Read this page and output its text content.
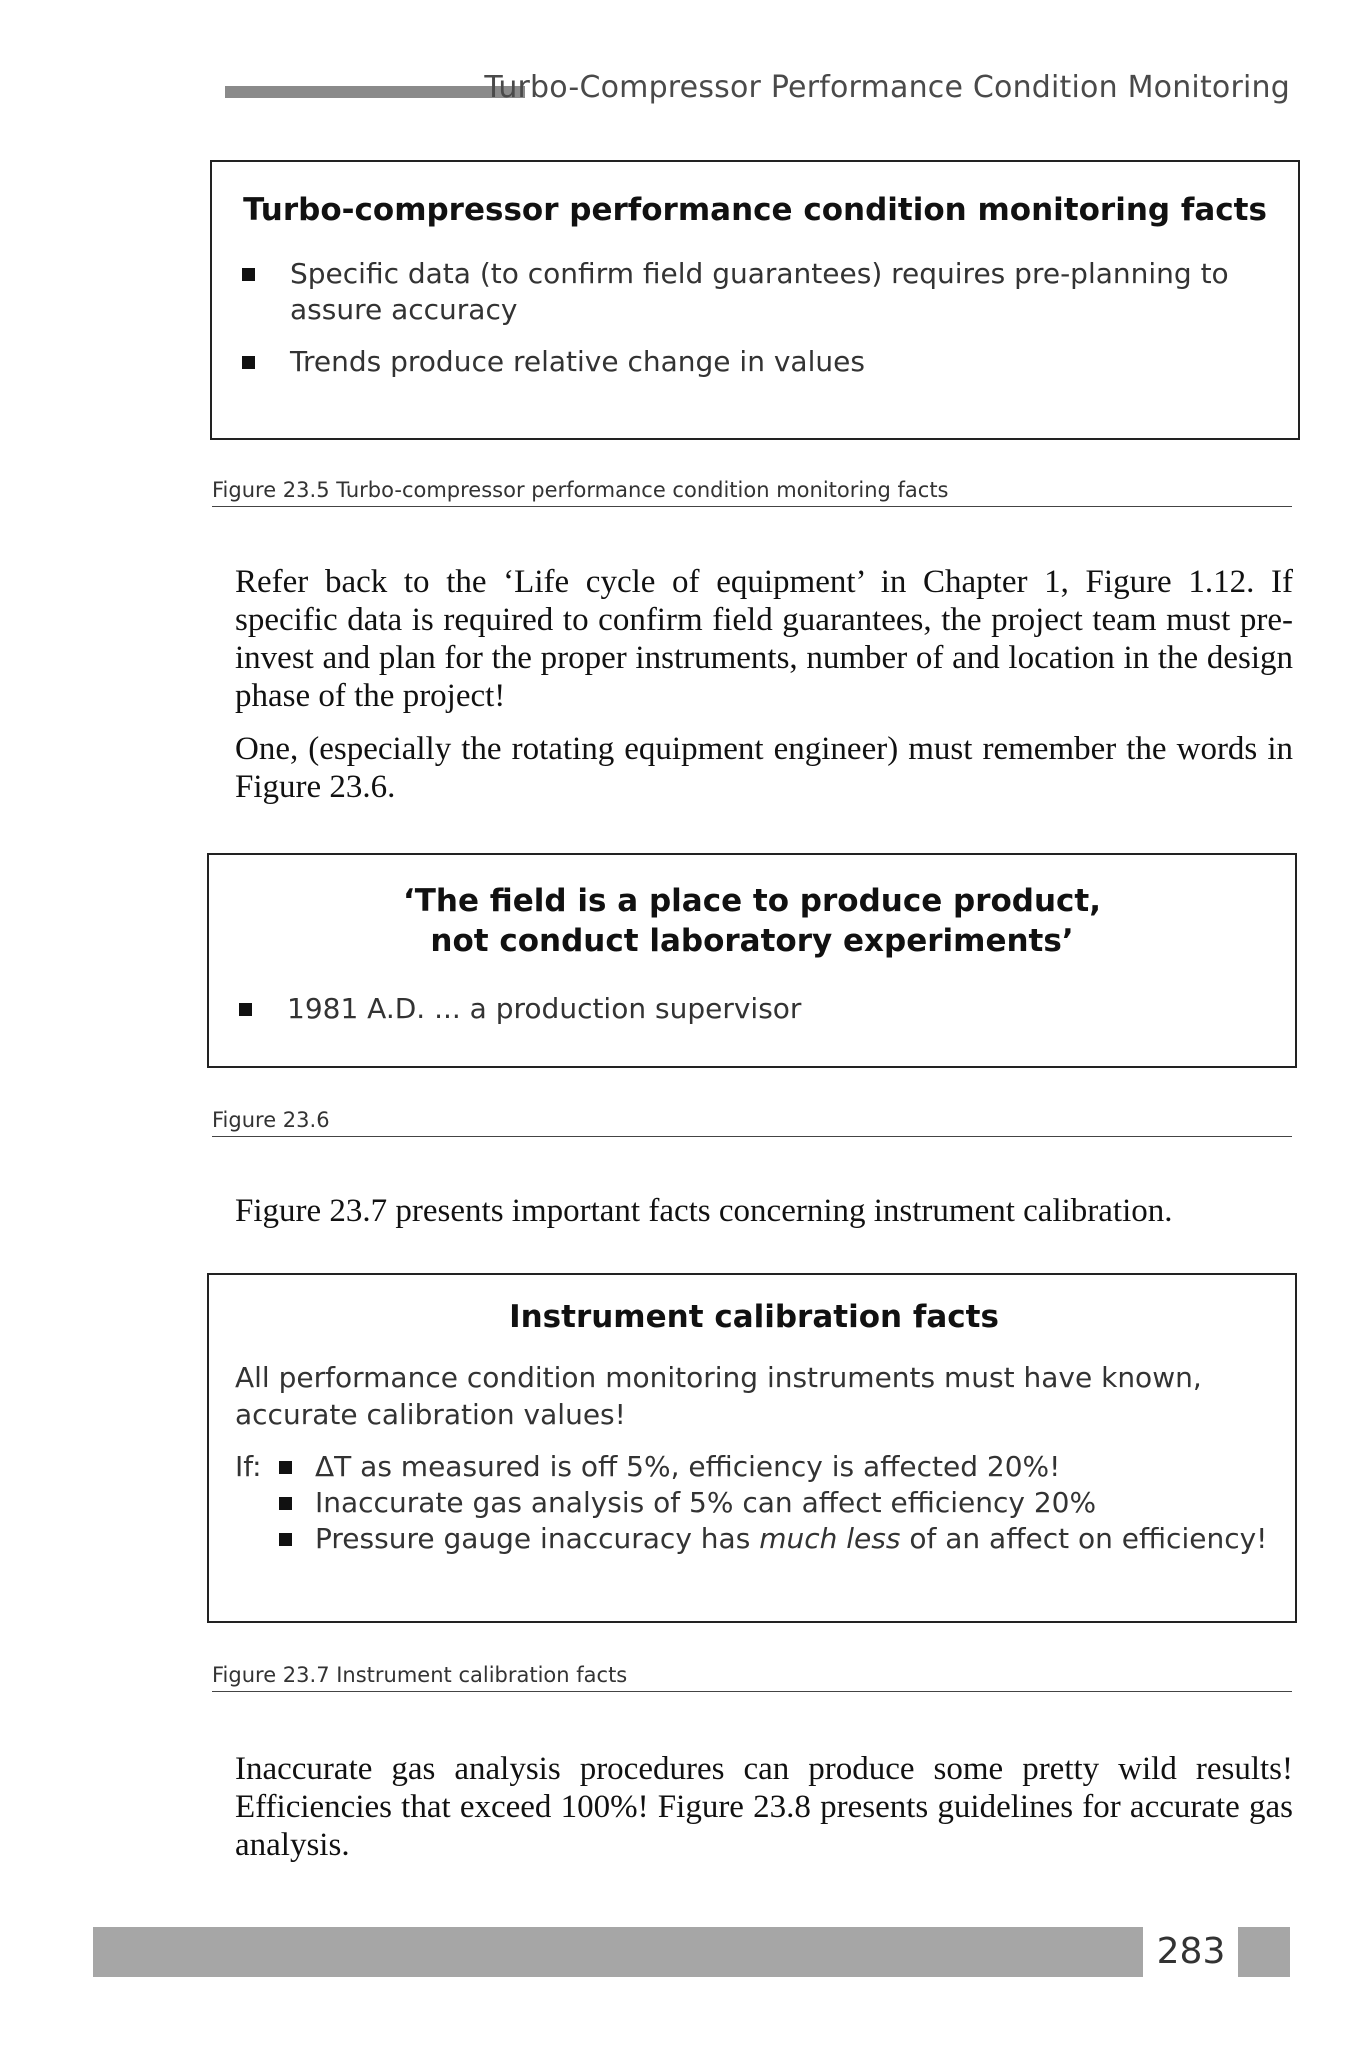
Turbo-Compressor Performance Condition Monitoring
Turbo-compressor performance condition monitoring facts
Specific data (to confirm field guarantees) requires pre-planning to assure accuracy
Trends produce relative change in values
Figure 23.5 Turbo-compressor performance condition monitoring facts

Refer back to the ‘Life cycle of equipment’ in Chapter 1, Figure 1.12. If specific data is required to confirm field guarantees, the project team must pre-invest and plan for the proper instruments, number of and location in the design phase of the project!

One, (especially the rotating equipment engineer) must remember the words in Figure 23.6.

‘The field is a place to produce product,
not conduct laboratory experiments’
1981 A.D. ... a production supervisor
Figure 23.6

Figure 23.7 presents important facts concerning instrument calibration.

Instrument calibration facts
All performance condition monitoring instruments must have known, accurate calibration values!
If:	ΔT as measured is off 5%, efficiency is affected 20%!
Inaccurate gas analysis of 5% can affect efficiency 20%
Pressure gauge inaccuracy has much less of an affect on efficiency!
Figure 23.7 Instrument calibration facts

Inaccurate gas analysis procedures can produce some pretty wild results! Efficiencies that exceed 100%! Figure 23.8 presents guidelines for accurate gas analysis.

283
